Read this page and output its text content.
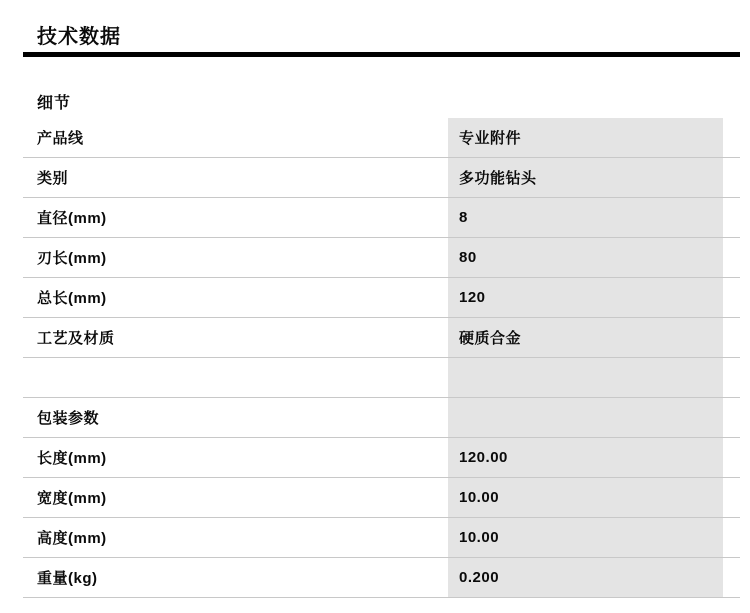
技术数据
细节
产品线	专业附件
类别	多功能钻头
直径(mm)	8
刃长(mm)	80
总长(mm)	120
工艺及材质	硬质合金
包装参数
长度(mm)	120.00
宽度(mm)	10.00
高度(mm)	10.00
重量(kg)	0.200
